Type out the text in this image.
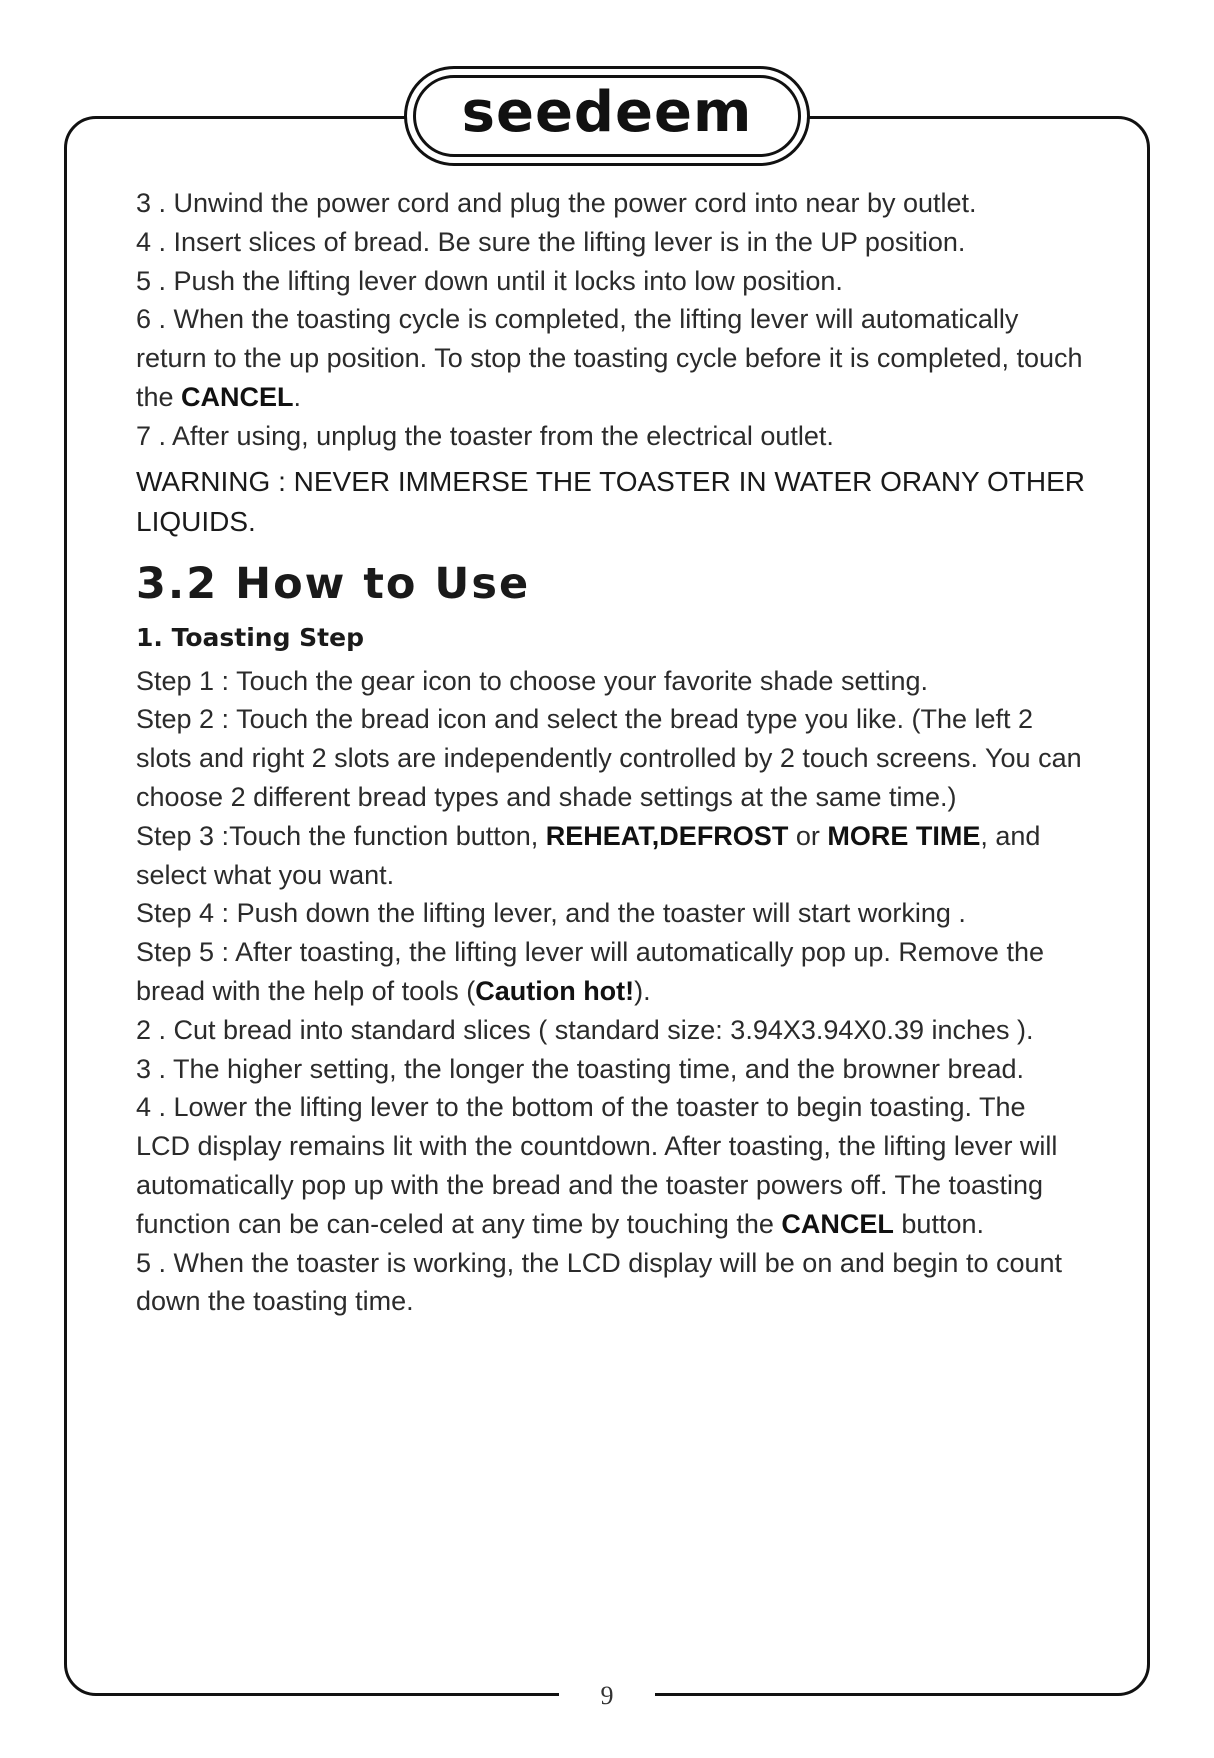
seedeem

3 . Unwind the power cord and plug the power cord into near by outlet.

4 . Insert slices of bread. Be sure the lifting lever is in the UP position.

5 . Push the lifting lever down until it locks into low position.

6 . When the toasting cycle is completed, the lifting lever will automatically return to the up position. To stop the toasting cycle before it is completed, touch the CANCEL.

7 . After using, unplug the toaster from the electrical outlet.

WARNING : NEVER IMMERSE THE TOASTER IN WATER ORANY OTHER LIQUIDS.

3.2 How to Use
1. Toasting Step

Step 1 : Touch the gear icon to choose your favorite shade setting.

Step 2 : Touch the bread icon and select the bread type you like. (The left 2 slots and right 2 slots are independently controlled by 2 touch screens. You can choose 2 different bread types and shade settings at the same time.)

Step 3 :Touch the function button, REHEAT,DEFROST or MORE TIME, and select what you want.

Step 4 : Push down the lifting lever, and the toaster will start working .

Step 5 : After toasting, the lifting lever will automatically pop up. Remove the bread with the help of tools (Caution hot!).

2 . Cut bread into standard slices ( standard size: 3.94X3.94X0.39 inches ).

3 . The higher setting, the longer the toasting time, and the browner bread.

4 . Lower the lifting lever to the bottom of the toaster to begin toasting. The LCD display remains lit with the countdown. After toasting, the lifting lever will automatically pop up with the bread and the toaster powers off. The toasting function can be can-celed at any time by touching the CANCEL button.

5 . When the toaster is working, the LCD display will be on and begin to count down the toasting time.

9
